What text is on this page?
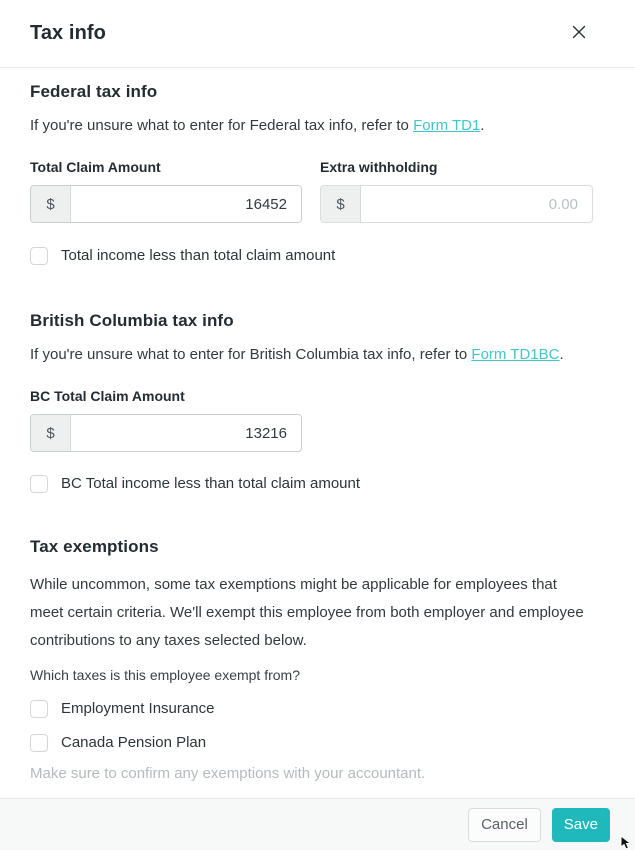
Tax info
Federal tax info

If you're unsure what to enter for Federal tax info, refer to Form TD1.

Total Claim Amount
$
16452
Extra withholding
$
0.00
Total income less than total claim amount
British Columbia tax info

If you're unsure what to enter for British Columbia tax info, refer to Form TD1BC.

BC Total Claim Amount
$
13216
BC Total income less than total claim amount
Tax exemptions

While uncommon, some tax exemptions might be applicable for employees that meet certain criteria. We'll exempt this employee from both employer and employee contributions to any taxes selected below.

Which taxes is this employee exempt from?

Employment Insurance
Canada Pension Plan

Make sure to confirm any exemptions with your accountant.

Cancel	Save
